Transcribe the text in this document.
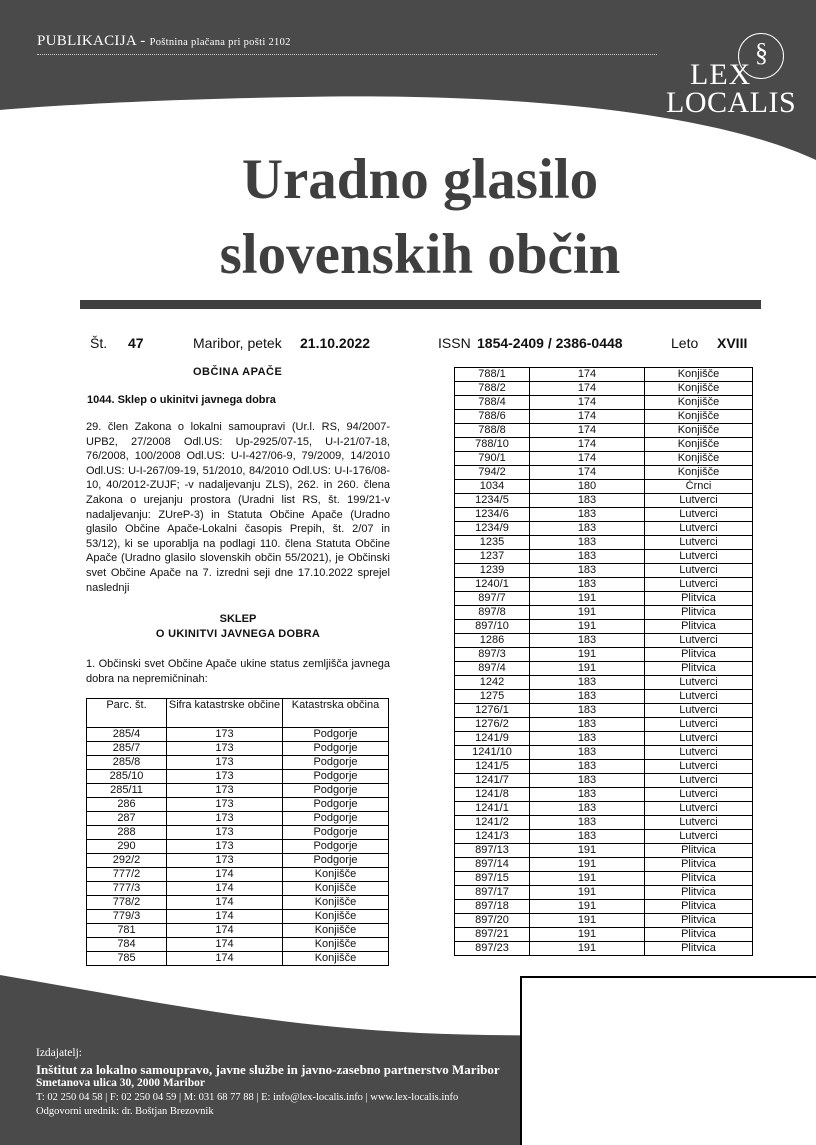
PUBLIKACIJA - Poštnina plačana pri pošti 2102	§
LEX
LOCALIS
Uradno glasilo
slovenskih občin
Št. 47	Maribor, petek 21.10.2022	ISSN 1854-2409 / 2386-0448	Leto XVIII
OBČINA APAČE
1044. Sklep o ukinitvi javnega dobra
29. člen Zakona o lokalni samoupravi (Ur.l. RS, 94/2007-UPB2, 27/2008 Odl.US: Up-2925/07-15, U-I-21/07-18, 76/2008, 100/2008 Odl.US: U-I-427/06-9, 79/2009, 14/2010 Odl.US: U-I-267/09-19, 51/2010, 84/2010 Odl.US: U-I-176/08-10, 40/2012-ZUJF; -v nadaljevanju ZLS), 262. in 260. člena Zakona o urejanju prostora (Uradni list RS, št. 199/21-v nadaljevanju: ZUreP-3) in Statuta Občine Apače (Uradno glasilo Občine Apače-Lokalni časopis Prepih, št. 2/07 in 53/12), ki se uporablja na podlagi 110. člena Statuta Občine Apače (Uradno glasilo slovenskih občin 55/2021), je Občinski svet Občine Apače na 7. izredni seji dne 17.10.2022 sprejel naslednji
SKLEP
O UKINITVI JAVNEGA DOBRA
1. Občinski svet Občine Apače ukine status zemljišča javnega dobra na nepremičninah:
Parc. št.	Sifra katastrske občine	Katastrska občina
285/4	173	Podgorje
285/7	173	Podgorje
285/8	173	Podgorje
285/10	173	Podgorje
285/11	173	Podgorje
286	173	Podgorje
287	173	Podgorje
288	173	Podgorje
290	173	Podgorje
292/2	173	Podgorje
777/2	174	Konjišče
777/3	174	Konjišče
778/2	174	Konjišče
779/3	174	Konjišče
781	174	Konjišče
784	174	Konjišče
785	174	Konjišče
788/1	174	Konjišče
788/2	174	Konjišče
788/4	174	Konjišče
788/6	174	Konjišče
788/8	174	Konjišče
788/10	174	Konjišče
790/1	174	Konjišče
794/2	174	Konjišče
1034	180	Črnci
1234/5	183	Lutverci
1234/6	183	Lutverci
1234/9	183	Lutverci
1235	183	Lutverci
1237	183	Lutverci
1239	183	Lutverci
1240/1	183	Lutverci
897/7	191	Plitvica
897/8	191	Plitvica
897/10	191	Plitvica
1286	183	Lutverci
897/3	191	Plitvica
897/4	191	Plitvica
1242	183	Lutverci
1275	183	Lutverci
1276/1	183	Lutverci
1276/2	183	Lutverci
1241/9	183	Lutverci
1241/10	183	Lutverci
1241/5	183	Lutverci
1241/7	183	Lutverci
1241/8	183	Lutverci
1241/1	183	Lutverci
1241/2	183	Lutverci
1241/3	183	Lutverci
897/13	191	Plitvica
897/14	191	Plitvica
897/15	191	Plitvica
897/17	191	Plitvica
897/18	191	Plitvica
897/20	191	Plitvica
897/21	191	Plitvica
897/23	191	Plitvica
Izdajatelj:
Inštitut za lokalno samoupravo, javne službe in javno-zasebno partnerstvo Maribor
Smetanova ulica 30, 2000 Maribor
T: 02 250 04 58 | F: 02 250 04 59 | M: 031 68 77 88 | E: info@lex-localis.info | www.lex-localis.info
Odgovorni urednik: dr. Boštjan Brezovnik
